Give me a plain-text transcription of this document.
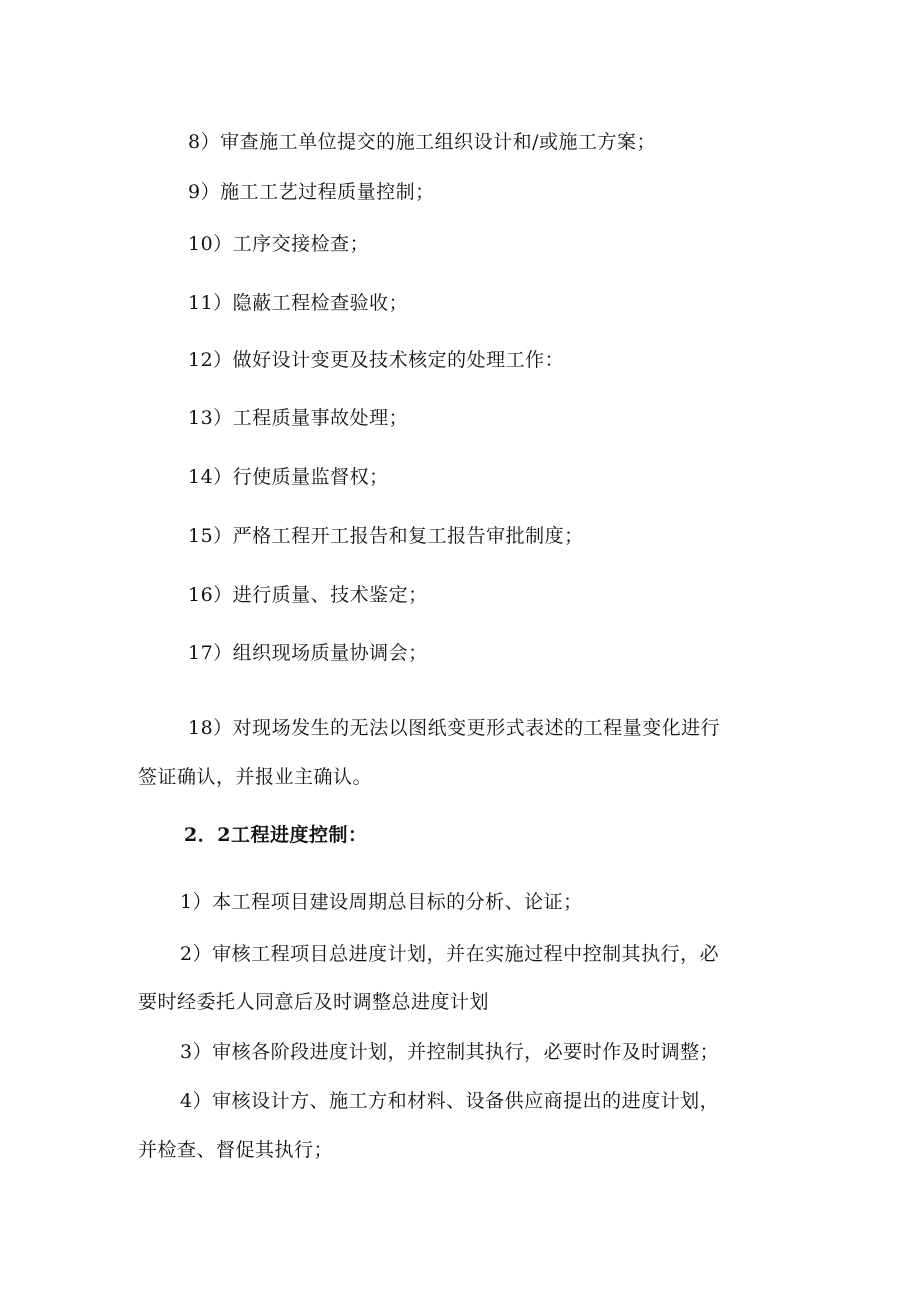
8）审查施工单位提交的施工组织设计和/或施工方案；
9）施工工艺过程质量控制；
10）工序交接检查；
11）隐蔽工程检查验收；
12）做好设计变更及技术核定的处理工作：
13）工程质量事故处理；
14）行使质量监督权；
15）严格工程开工报告和复工报告审批制度；
16）进行质量、技术鉴定；
17）组织现场质量协调会；
18）对现场发生的无法以图纸变更形式表述的工程量变化进行
签证确认，并报业主确认。
2．2工程进度控制：
1）本工程项目建设周期总目标的分析、论证；
2）审核工程项目总进度计划，并在实施过程中控制其执行，必
要时经委托人同意后及时调整总进度计划
3）审核各阶段进度计划，并控制其执行，必要时作及时调整；
4）审核设计方、施工方和材料、设备供应商提出的进度计划，
并检查、督促其执行；
